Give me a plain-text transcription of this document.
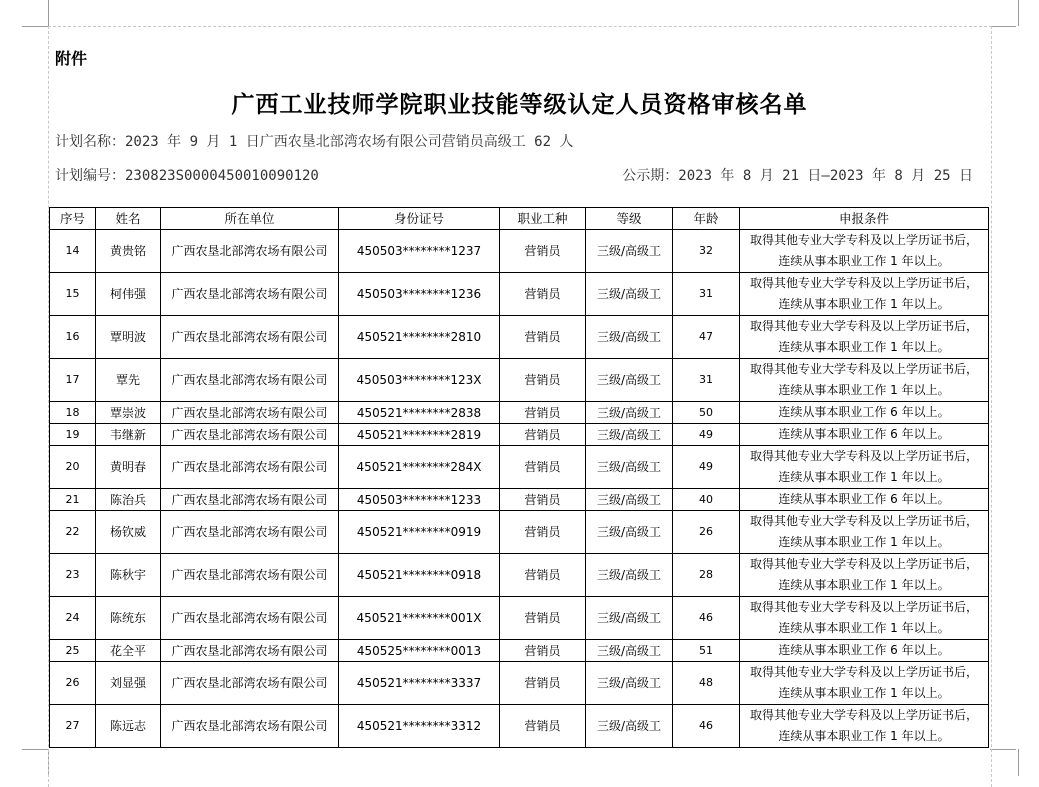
附件
广西工业技师学院职业技能等级认定人员资格审核名单
计划名称：2023 年 9 月 1 日广西农垦北部湾农场有限公司营销员高级工 62 人
计划编号：230823S0000450010090120	公示期：2023 年 8 月 21 日—2023 年 8 月 25 日
序号	姓名	所在单位	身份证号	职业工种	等级	年龄	申报条件
14	黄贵铭	广西农垦北部湾农场有限公司	450503********1237	营销员	三级/高级工	32	取得其他专业大学专科及以上学历证书后，
连续从事本职业工作 1 年以上。

15	柯伟强	广西农垦北部湾农场有限公司	450503********1236	营销员	三级/高级工	31	取得其他专业大学专科及以上学历证书后，
连续从事本职业工作 1 年以上。

16	覃明波	广西农垦北部湾农场有限公司	450521********2810	营销员	三级/高级工	47	取得其他专业大学专科及以上学历证书后，
连续从事本职业工作 1 年以上。

17	覃先	广西农垦北部湾农场有限公司	450503********123X	营销员	三级/高级工	31	取得其他专业大学专科及以上学历证书后，
连续从事本职业工作 1 年以上。

18	覃崇波	广西农垦北部湾农场有限公司	450521********2838	营销员	三级/高级工	50	连续从事本职业工作 6 年以上。

19	韦继新	广西农垦北部湾农场有限公司	450521********2819	营销员	三级/高级工	49	连续从事本职业工作 6 年以上。

20	黄明春	广西农垦北部湾农场有限公司	450521********284X	营销员	三级/高级工	49	取得其他专业大学专科及以上学历证书后，
连续从事本职业工作 1 年以上。

21	陈治兵	广西农垦北部湾农场有限公司	450503********1233	营销员	三级/高级工	40	连续从事本职业工作 6 年以上。

22	杨钦威	广西农垦北部湾农场有限公司	450521********0919	营销员	三级/高级工	26	取得其他专业大学专科及以上学历证书后，
连续从事本职业工作 1 年以上。

23	陈秋宇	广西农垦北部湾农场有限公司	450521********0918	营销员	三级/高级工	28	取得其他专业大学专科及以上学历证书后，
连续从事本职业工作 1 年以上。

24	陈统东	广西农垦北部湾农场有限公司	450521********001X	营销员	三级/高级工	46	取得其他专业大学专科及以上学历证书后，
连续从事本职业工作 1 年以上。

25	花全平	广西农垦北部湾农场有限公司	450525********0013	营销员	三级/高级工	51	连续从事本职业工作 6 年以上。

26	刘显强	广西农垦北部湾农场有限公司	450521********3337	营销员	三级/高级工	48	取得其他专业大学专科及以上学历证书后，
连续从事本职业工作 1 年以上。

27	陈远志	广西农垦北部湾农场有限公司	450521********3312	营销员	三级/高级工	46	取得其他专业大学专科及以上学历证书后，
连续从事本职业工作 1 年以上。
